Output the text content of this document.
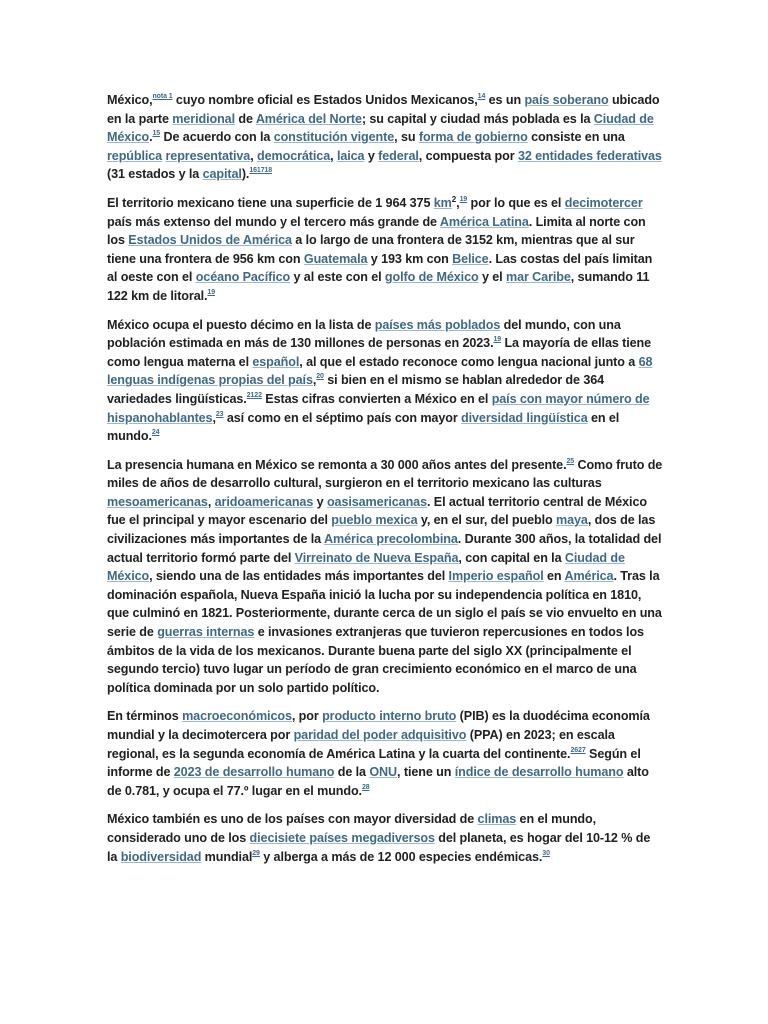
México,$^{nota 1}$ cuyo nombre oficial es Estados Unidos Mexicanos,$^{14}$ es un país soberano ubicado en la parte meridional de América del Norte; su capital y ciudad más poblada es la Ciudad de México.$^{15}$ De acuerdo con la constitución vigente, su forma de gobierno consiste en una república representativa, democrática, laica y federal, compuesta por 32 entidades federativas (31 estados y la capital).$^{161718}$

El territorio mexicano tiene una superficie de 1 964 375 $km^2,^{19}$ por lo que es el decimotercer país más extenso del mundo y el tercero más grande de América Latina. Limita al norte con los Estados Unidos de América a lo largo de una frontera de 3152 km, mientras que al sur tiene una frontera de 956 km con Guatemala y 193 km con Belice. Las costas del país limitan al oeste con el océano Pacífico y al este con el golfo de México y el mar Caribe, sumando 11 122 km de litoral.$^{19}$

México ocupa el puesto décimo en la lista de países más poblados del mundo, con una población estimada en más de 130 millones de personas en 2023.19 La mayoría de ellas tiene como lengua materna el español, al que el estado reconoce como lengua nacional junto a 68 lenguas indígenas propias del país,$^{20}$ si bien en el mismo se hablan alrededor de 364 variedades lingüísticas.$^{2122}$ Estas cifras convierten a México en el país con mayor número de hispanohablantes,$^{23}$ así como en el séptimo país con mayor diversidad lingüística en el mundo.$^{24}$

La presencia humana en México se remonta a 30 000 años antes del presente.$^{25}$ Como fruto de miles de años de desarrollo cultural, surgieron en el territorio mexicano las culturas mesoamericanas, aridoamericanas y oasisamericanas. El actual territorio central de México fue el principal y mayor escenario del pueblo mexica y, en el sur, del pueblo maya, dos de las civilizaciones más importantes de la América precolombina. Durante 300 años, la totalidad del actual territorio formó parte del Virreinato de Nueva España, con capital en la Ciudad de México, siendo una de las entidades más importantes del Imperio español en América. Tras la dominación española, Nueva España inició la lucha por su independencia política en 1810, que culminó en 1821. Posteriormente, durante cerca de un siglo el país se vio envuelto en una serie de guerras internas e invasiones extranjeras que tuvieron repercusiones en todos los ámbitos de la vida de los mexicanos. Durante buena parte del siglo XX (principalmente el segundo tercio) tuvo lugar un período de gran crecimiento económico en el marco de una política dominada por un solo partido político.

En términos macroeconómicos, por producto interno bruto (PIB) es la duodécima economía mundial y la decimotercera por paridad del poder adquisitivo (PPA) en 2023; en escala regional, es la segunda economía de América Latina y la cuarta del continente.$^{2627}$ Según el informe de 2023 de desarrollo humano de la ONU, tiene un índice de desarrollo humano alto de 0.781, y ocupa el 77.º lugar en el mundo.$^{28}$

México también es uno de los países con mayor diversidad de climas en el mundo, considerado uno de los diecisiete países megadiversos del planeta, es hogar del 10-12 % de la biodiversidad mundial$^{29}$ y alberga a más de 12 000 especies endémicas.$^{30}$
